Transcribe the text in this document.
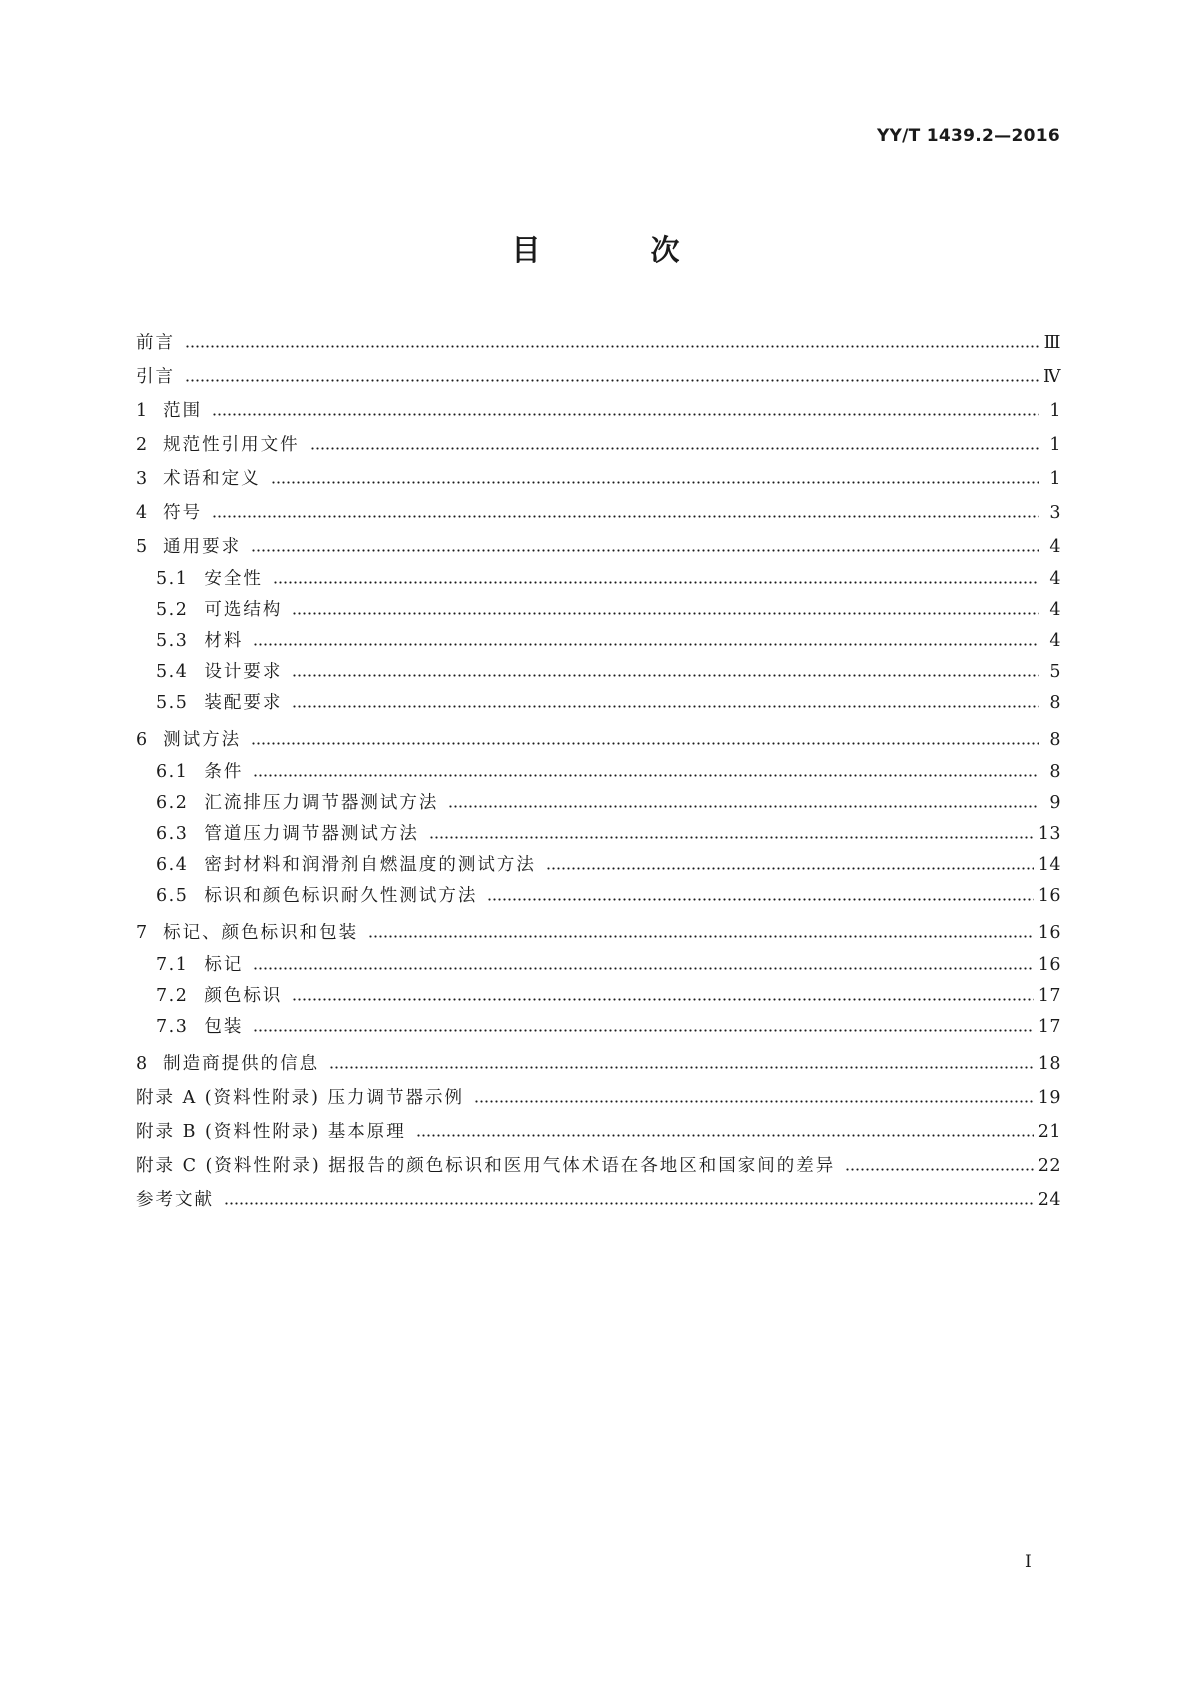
YY/T 1439.2—2016

目 次
前言	Ⅲ
引言	Ⅳ
1 范围	1
2 规范性引用文件	1
3 术语和定义	1
4 符号	3
5 通用要求	4
5.1 安全性	4
5.2 可选结构	4
5.3 材料	4
5.4 设计要求	5
5.5 装配要求	8
6 测试方法	8
6.1 条件	8
6.2 汇流排压力调节器测试方法	9
6.3 管道压力调节器测试方法	13
6.4 密封材料和润滑剂自燃温度的测试方法	14
6.5 标识和颜色标识耐久性测试方法	16
7 标记、颜色标识和包装	16
7.1 标记	16
7.2 颜色标识	17
7.3 包装	17
8 制造商提供的信息	18
附录 A (资料性附录) 压力调节器示例	19
附录 B (资料性附录) 基本原理	21
附录 C (资料性附录) 据报告的颜色标识和医用气体术语在各地区和国家间的差异	22
参考文献	24

I
